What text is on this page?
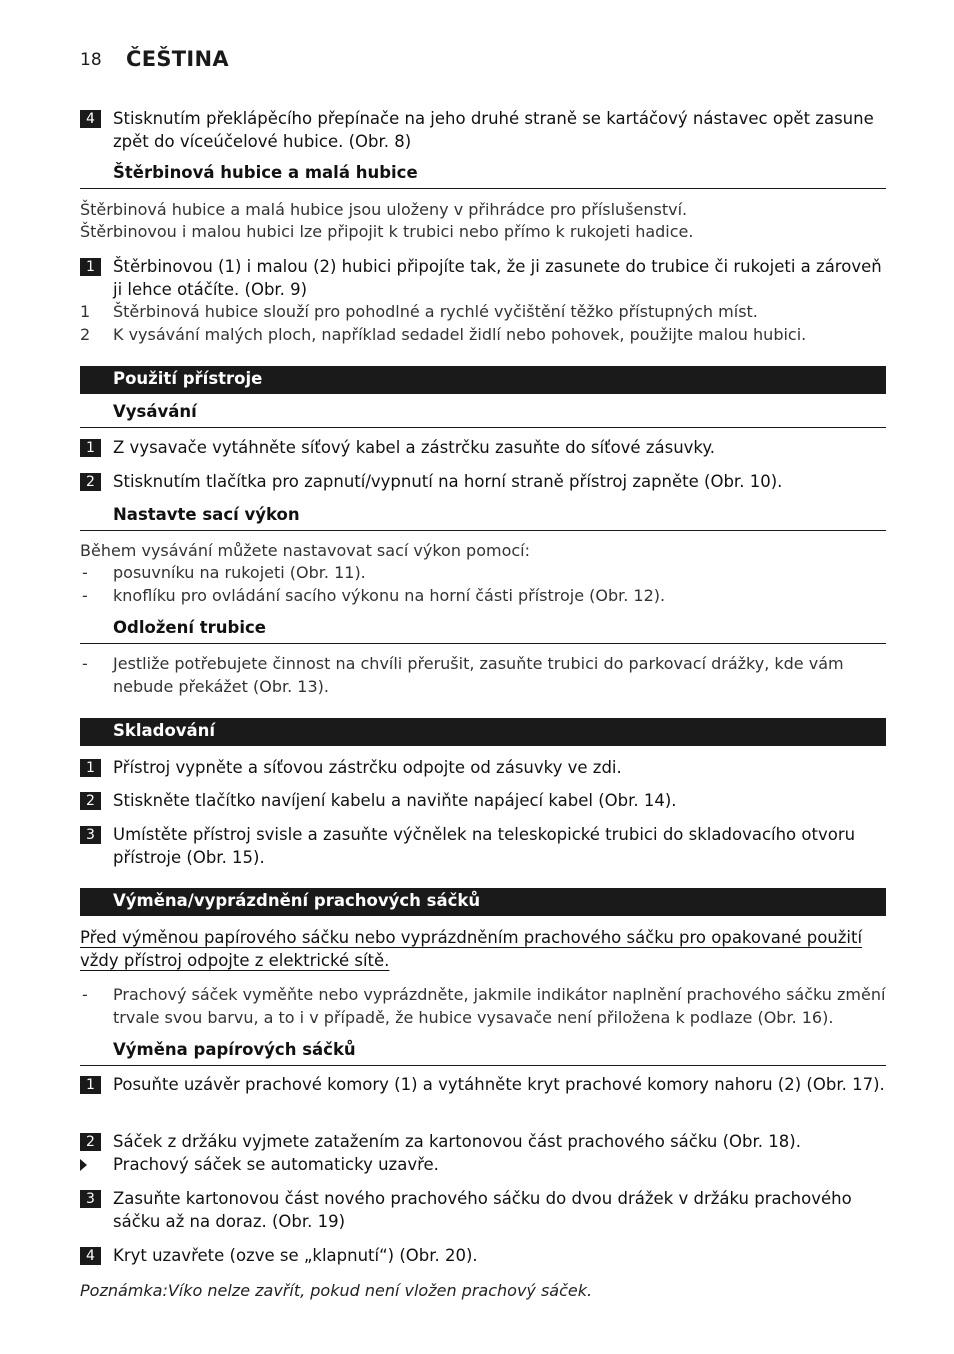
18 ČEŠTINA
4	Stisknutím překlápěcího přepínače na jeho druhé straně se kartáčový nástavec opět zasune zpět do víceúčelové hubice. (Obr. 8)
Štěrbinová hubice a malá hubice
Štěrbinová hubice a malá hubice jsou uloženy v přihrádce pro příslušenství.
Štěrbinovou i malou hubici lze připojit k trubici nebo přímo k rukojeti hadice.
1	Štěrbinovou (1) i malou (2) hubici připojíte tak, že ji zasunete do trubice či rukojeti a zároveň ji lehce otáčíte. (Obr. 9)
1 Štěrbinová hubice slouží pro pohodlné a rychlé vyčištění těžko přístupných míst.
2 K vysávání malých ploch, například sedadel židlí nebo pohovek, použijte malou hubici.
Použití přístroje
Vysávání
1	Z vysavače vytáhněte síťový kabel a zástrčku zasuňte do síťové zásuvky.
2	Stisknutím tlačítka pro zapnutí/vypnutí na horní straně přístroj zapněte (Obr. 10).
Nastavte sací výkon
Během vysávání můžete nastavovat sací výkon pomocí:
- posuvníku na rukojeti (Obr. 11).
- knoflíku pro ovládání sacího výkonu na horní části přístroje (Obr. 12).
Odložení trubice
- Jestliže potřebujete činnost na chvíli přerušit, zasuňte trubici do parkovací drážky, kde vám nebude překážet (Obr. 13).
Skladování
1	Přístroj vypněte a síťovou zástrčku odpojte od zásuvky ve zdi.
2	Stiskněte tlačítko navíjení kabelu a naviňte napájecí kabel (Obr. 14).
3	Umístěte přístroj svisle a zasuňte výčnělek na teleskopické trubici do skladovacího otvoru přístroje (Obr. 15).
Výměna/vyprázdnění prachových sáčků
Před výměnou papírového sáčku nebo vyprázdněním prachového sáčku pro opakované použití
vždy přístroj odpojte z elektrické sítě.
- Prachový sáček vyměňte nebo vyprázdněte, jakmile indikátor naplnění prachového sáčku změní trvale svou barvu, a to i v případě, že hubice vysavače není přiložena k podlaze (Obr. 16).
Výměna papírových sáčků
1	Posuňte uzávěr prachové komory (1) a vytáhněte kryt prachové komory nahoru (2) (Obr. 17).
2	Sáček z držáku vyjmete zatažením za kartonovou část prachového sáčku (Obr. 18).
Prachový sáček se automaticky uzavře.
3	Zasuňte kartonovou část nového prachového sáčku do dvou drážek v držáku prachového sáčku až na doraz. (Obr. 19)
4	Kryt uzavřete (ozve se „klapnutí“) (Obr. 20).
Poznámka:Víko nelze zavřít, pokud není vložen prachový sáček.
